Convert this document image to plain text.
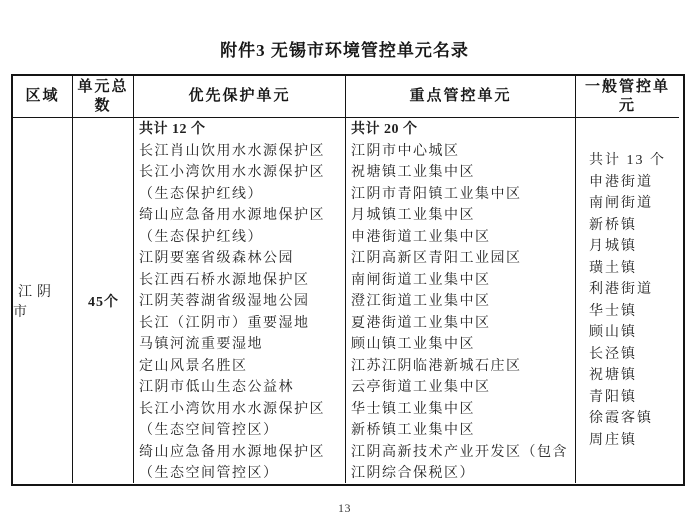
附件3 无锡市环境管控单元名录
区域
单元总数
优先保护单元	重点管控单元
一般管控单元
江阴市
45个
共计 12 个
长江肖山饮用水水源保护区
长江小湾饮用水水源保护区（生态保护红线）
绮山应急备用水源地保护区（生态保护红线）
江阴要塞省级森林公园
长江西石桥水源地保护区
江阴芙蓉湖省级湿地公园
长江（江阴市）重要湿地
马镇河流重要湿地
定山风景名胜区
江阴市低山生态公益林
长江小湾饮用水水源保护区（生态空间管控区）
绮山应急备用水源地保护区（生态空间管控区）
共计 20 个
江阴市中心城区
祝塘镇工业集中区
江阴市青阳镇工业集中区
月城镇工业集中区
申港街道工业集中区
江阴高新区青阳工业园区
南闸街道工业集中区
澄江街道工业集中区
夏港街道工业集中区
顾山镇工业集中区
江苏江阴临港新城石庄区
云亭街道工业集中区
华士镇工业集中区
新桥镇工业集中区
江阴高新技术产业开发区（包含江阴综合保税区）
共计 13 个
申港街道
南闸街道
新桥镇
月城镇
璜土镇
利港街道
华士镇
顾山镇
长泾镇
祝塘镇
青阳镇
徐霞客镇
周庄镇
13
